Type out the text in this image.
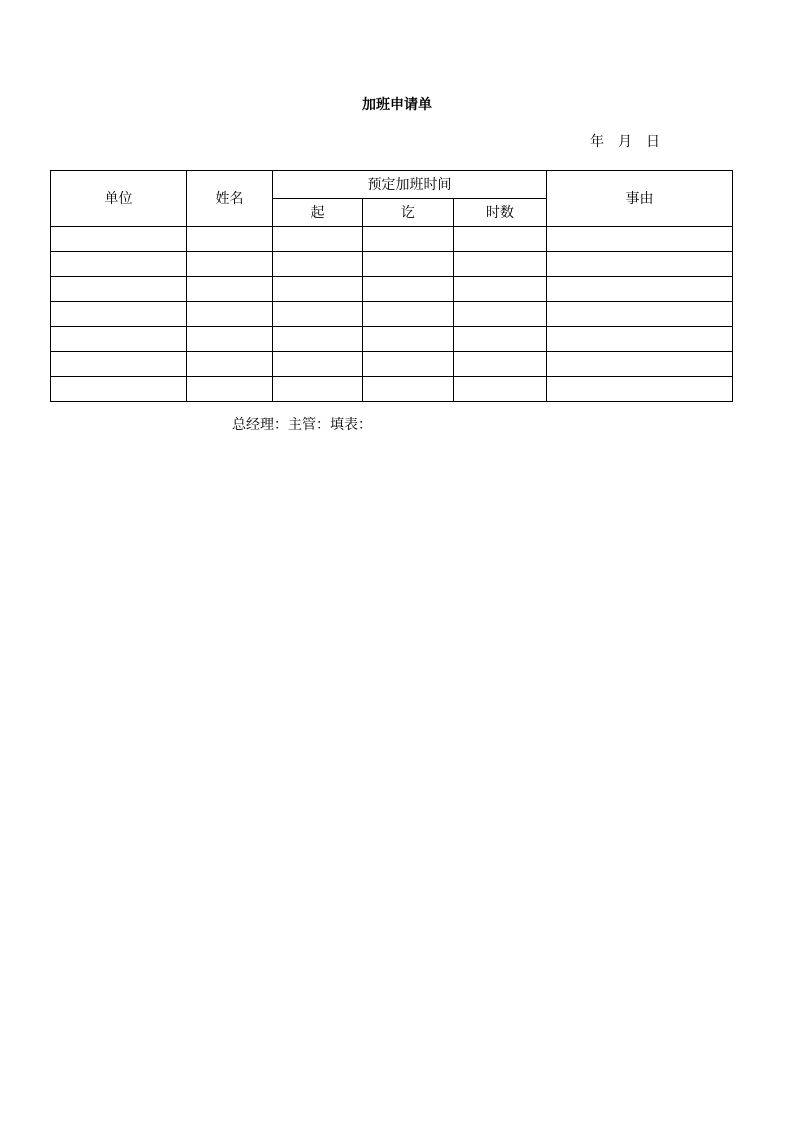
加班申请单
年 月 日
单位	姓名	预定加班时间			事由
		起	讫	时数	

总经理：主管：填表：
